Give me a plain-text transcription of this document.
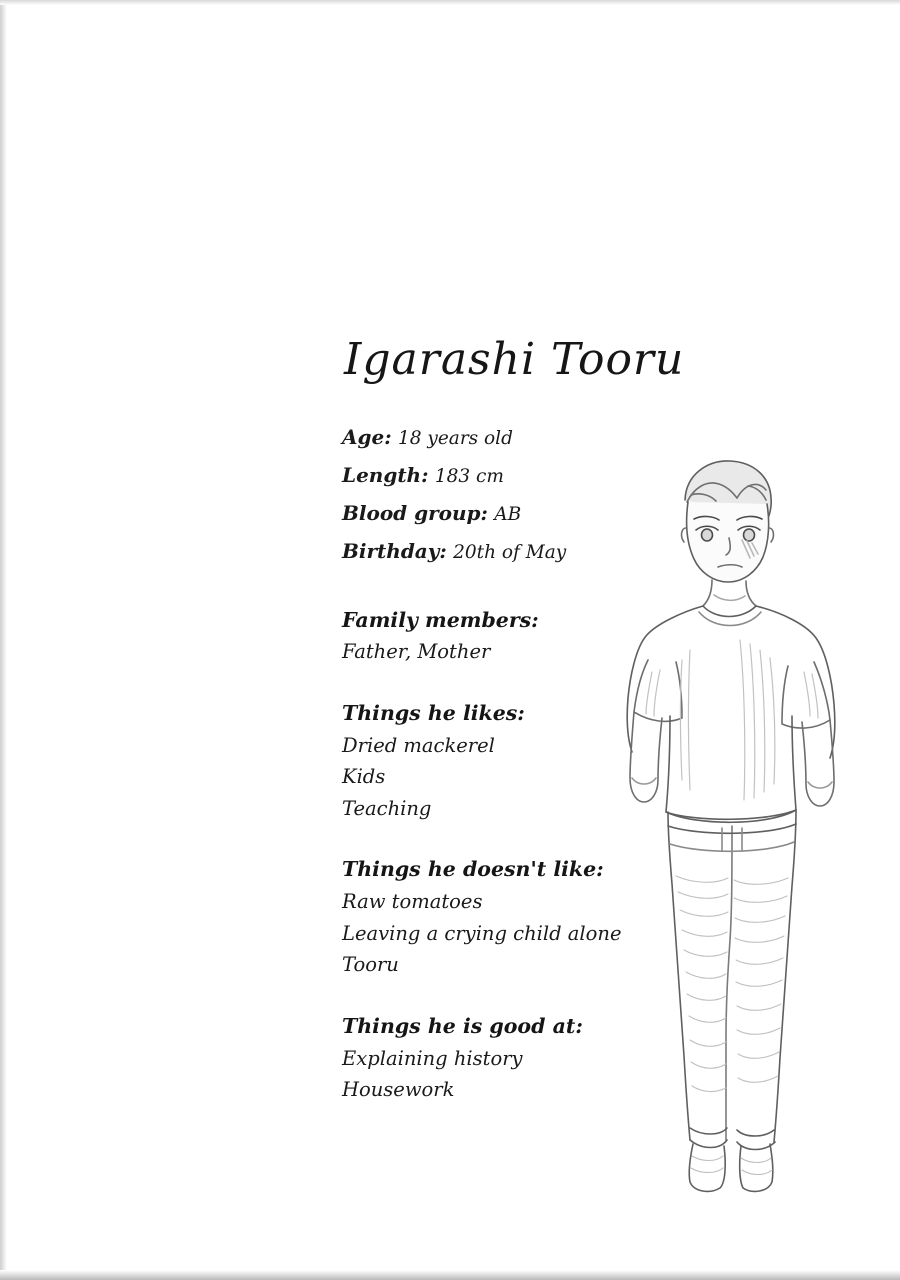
Igarashi Tooru
Age: 18 years old
Length: 183 cm
Blood group: AB
Birthday: 20th of May
Family members:
Father, Mother
Things he likes:
Dried mackerel
Kids
Teaching
Things he doesn't like:
Raw tomatoes
Leaving a crying child alone
Tooru
Things he is good at:
Explaining history
Housework
